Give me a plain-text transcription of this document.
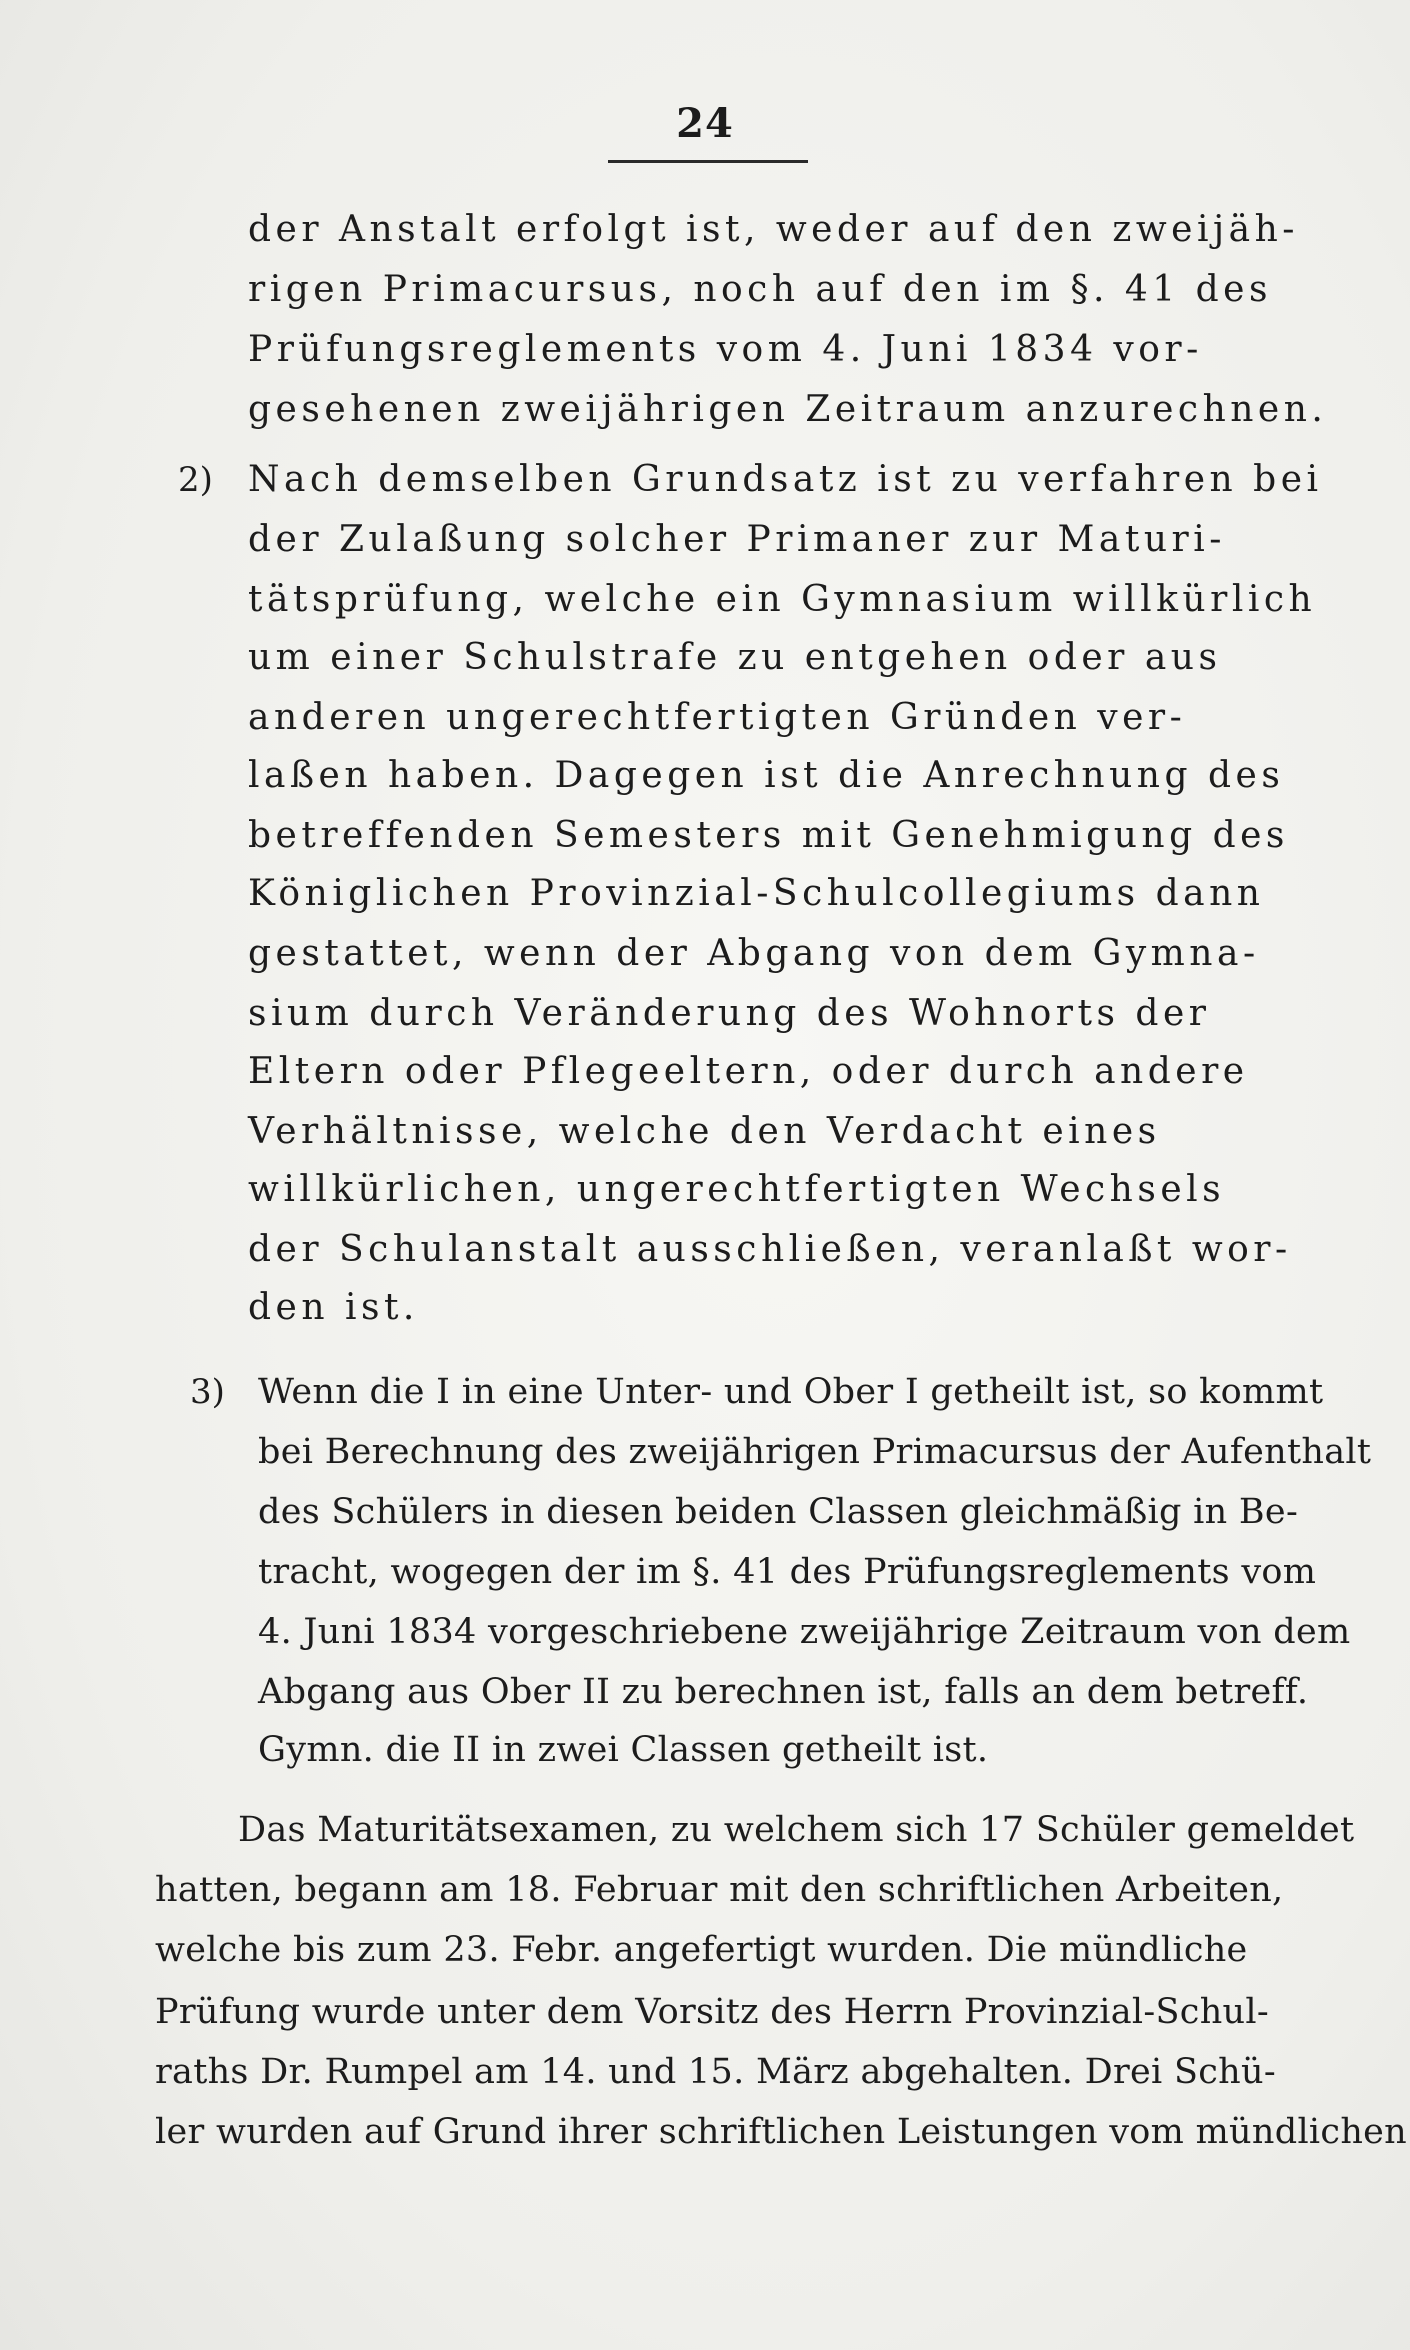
24
der Anstalt erfolgt ist, weder auf den zweijäh-
rigen Primacursus, noch auf den im §. 41 des
Prüfungsreglements vom 4. Juni 1834 vor-
gesehenen zweijährigen Zeitraum anzurechnen.
2) Nach demselben Grundsatz ist zu verfahren bei
der Zulaßung solcher Primaner zur Maturi-
tätsprüfung, welche ein Gymnasium willkürlich
um einer Schulstrafe zu entgehen oder aus
anderen ungerechtfertigten Gründen ver-
laßen haben. Dagegen ist die Anrechnung des
betreffenden Semesters mit Genehmigung des
Königlichen Provinzial-Schulcollegiums dann
gestattet, wenn der Abgang von dem Gymna-
sium durch Veränderung des Wohnorts der
Eltern oder Pflegeeltern, oder durch andere
Verhältnisse, welche den Verdacht eines
willkürlichen, ungerechtfertigten Wechsels
der Schulanstalt ausschließen, veranlaßt wor-
den ist.
3) Wenn die I in eine Unter- und Ober I getheilt ist, so kommt
bei Berechnung des zweijährigen Primacursus der Aufenthalt
des Schülers in diesen beiden Classen gleichmäßig in Be-
tracht, wogegen der im §. 41 des Prüfungsreglements vom
4. Juni 1834 vorgeschriebene zweijährige Zeitraum von dem
Abgang aus Ober II zu berechnen ist, falls an dem betreff.
Gymn. die II in zwei Classen getheilt ist.
Das Maturitätsexamen, zu welchem sich 17 Schüler gemeldet
hatten, begann am 18. Februar mit den schriftlichen Arbeiten,
welche bis zum 23. Febr. angefertigt wurden. Die mündliche
Prüfung wurde unter dem Vorsitz des Herrn Provinzial-Schul-
raths Dr. Rumpel am 14. und 15. März abgehalten. Drei Schü-
ler wurden auf Grund ihrer schriftlichen Leistungen vom mündlichen
